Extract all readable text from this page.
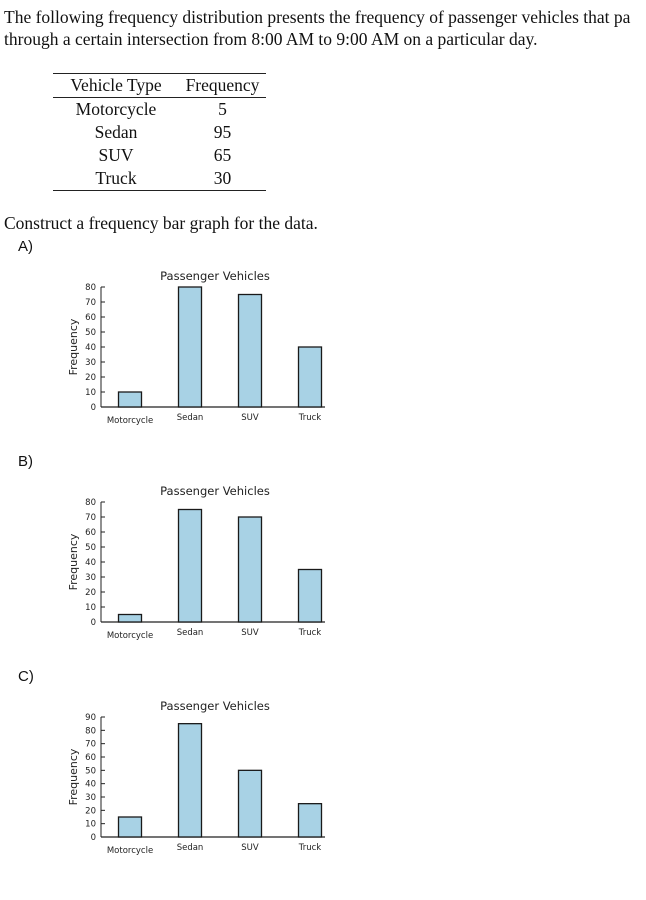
The following frequency distribution presents the frequency of passenger vehicles that pa

through a certain intersection from 8:00 AM to 9:00 AM on a particular day.

Vehicle Type	Frequency
Motorcycle	5
Sedan	95
SUV	65
Truck	30
Construct a frequency bar graph for the data.
A)
Passenger Vehicles
Frequency
0
10
20
30
40
50
60
70
80
Motorcycle	Sedan	SUV	Truck
B)
Passenger Vehicles
Frequency
0
10
20
30
40
50
60
70
80
Motorcycle	Sedan	SUV	Truck
C)
Passenger Vehicles
Frequency
0
10
20
30
40
50
60
70
80
90
Motorcycle	Sedan	SUV	Truck
